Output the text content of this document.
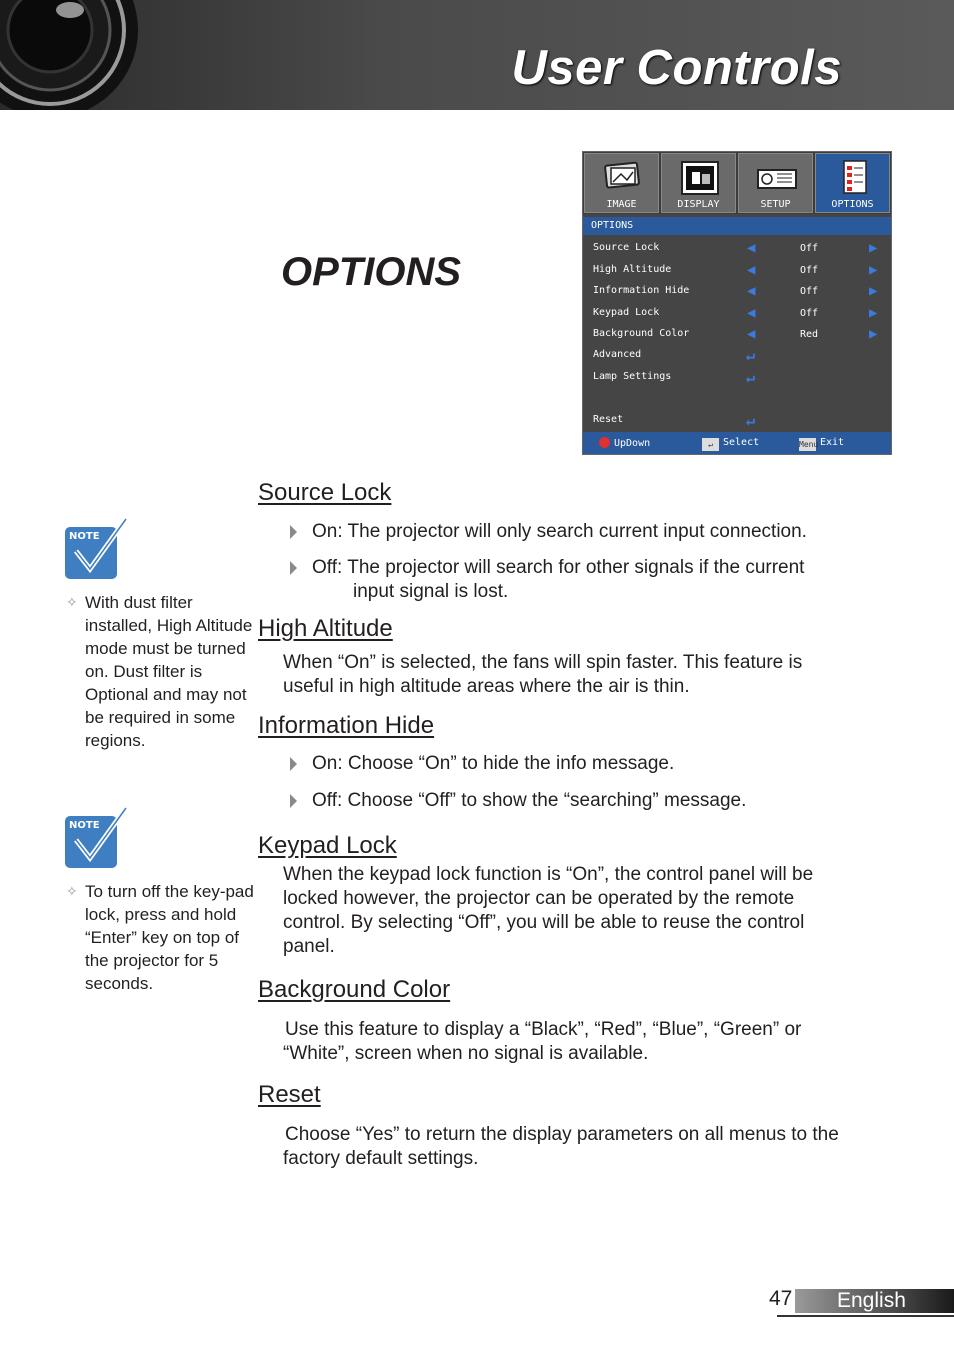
User Controls
OPTIONS
IMAGE	DISPLAY	SETUP	OPTIONS
OPTIONS
Source Lock	◀	Off	▶
High Altitude	◀	Off	▶
Information Hide	◀	Off	▶
Keypad Lock	◀	Off	▶
Background Color	◀	Red	▶
Advanced	↵
Lamp Settings	↵
Reset	↵
UpDown	↵ Select	Menu Exit
Source Lock
On: The projector will only search current input connection.
Off: The projector will search for other signals if the current
input signal is lost.
High Altitude
When “On” is selected, the fans will spin faster. This feature is
useful in high altitude areas where the air is thin.
Information Hide
On: Choose “On” to hide the info message.
Off: Choose “Off” to show the “searching” message.
Keypad Lock
When the keypad lock function is “On”, the control panel will be
locked however, the projector can be operated by the remote
control. By selecting “Off”, you will be able to reuse the control
panel.
Background Color
Use this feature to display a “Black”, “Red”, “Blue”, “Green” or
“White”, screen when no signal is available.
Reset
Choose “Yes” to return the display parameters on all menus to the
factory default settings.
NOTE
✧ With dust filter installed, High Altitude mode must be turned on. Dust filter is Optional and may not be required in some regions.
NOTE
✧ To turn off the key-pad lock, press and hold “Enter” key on top of the projector for 5 seconds.
47 English
